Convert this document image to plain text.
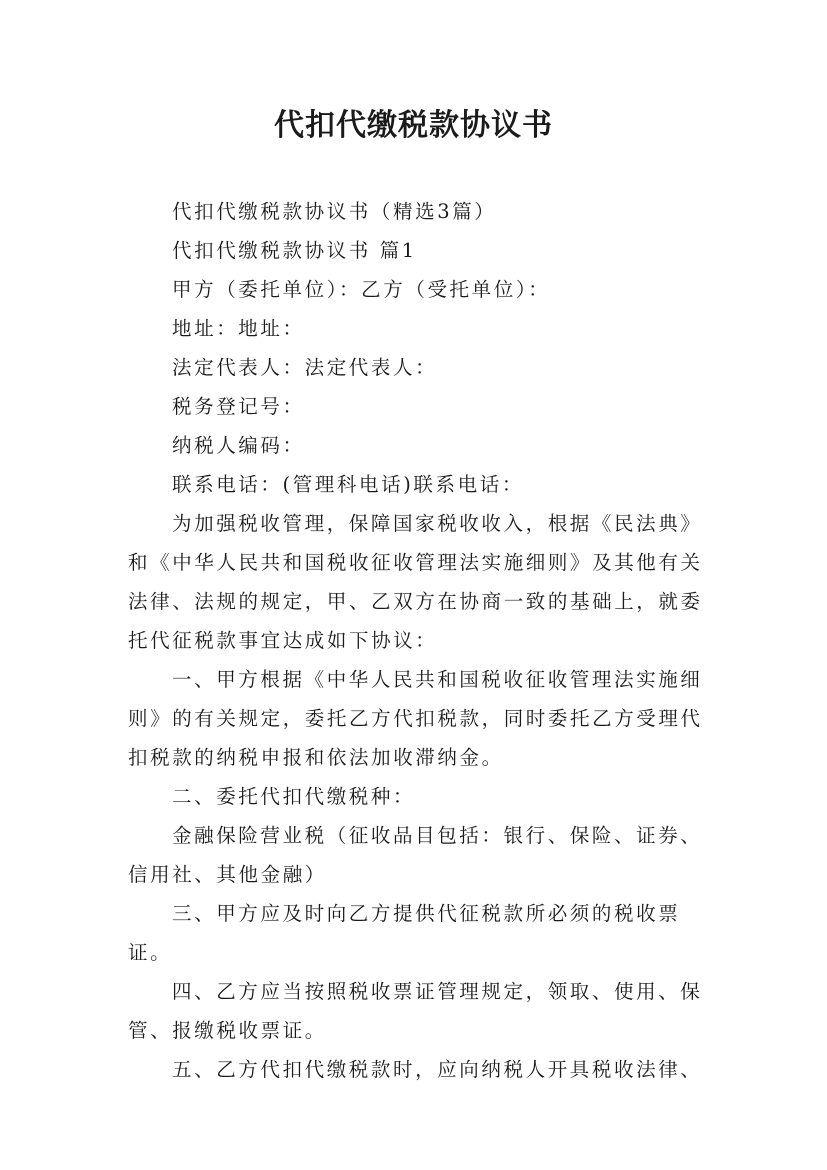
代扣代缴税款协议书

代扣代缴税款协议书（精选3篇）

代扣代缴税款协议书 篇1

甲方（委托单位）：乙方（受托单位）：

地址：地址：

法定代表人：法定代表人：

税务登记号：

纳税人编码：

联系电话：(管理科电话)联系电话：

为加强税收管理，保障国家税收收入，根据《民法典》和《中华人民共和国税收征收管理法实施细则》及其他有关法律、法规的规定，甲、乙双方在协商一致的基础上，就委托代征税款事宜达成如下协议：

一、甲方根据《中华人民共和国税收征收管理法实施细则》的有关规定，委托乙方代扣税款，同时委托乙方受理代扣税款的纳税申报和依法加收滞纳金。

二、委托代扣代缴税种：

金融保险营业税（征收品目包括：银行、保险、证券、信用社、其他金融）

三、甲方应及时向乙方提供代征税款所必须的税收票证。

四、乙方应当按照税收票证管理规定，领取、使用、保管、报缴税收票证。

五、乙方代扣代缴税款时，应向纳税人开具税收法律、
